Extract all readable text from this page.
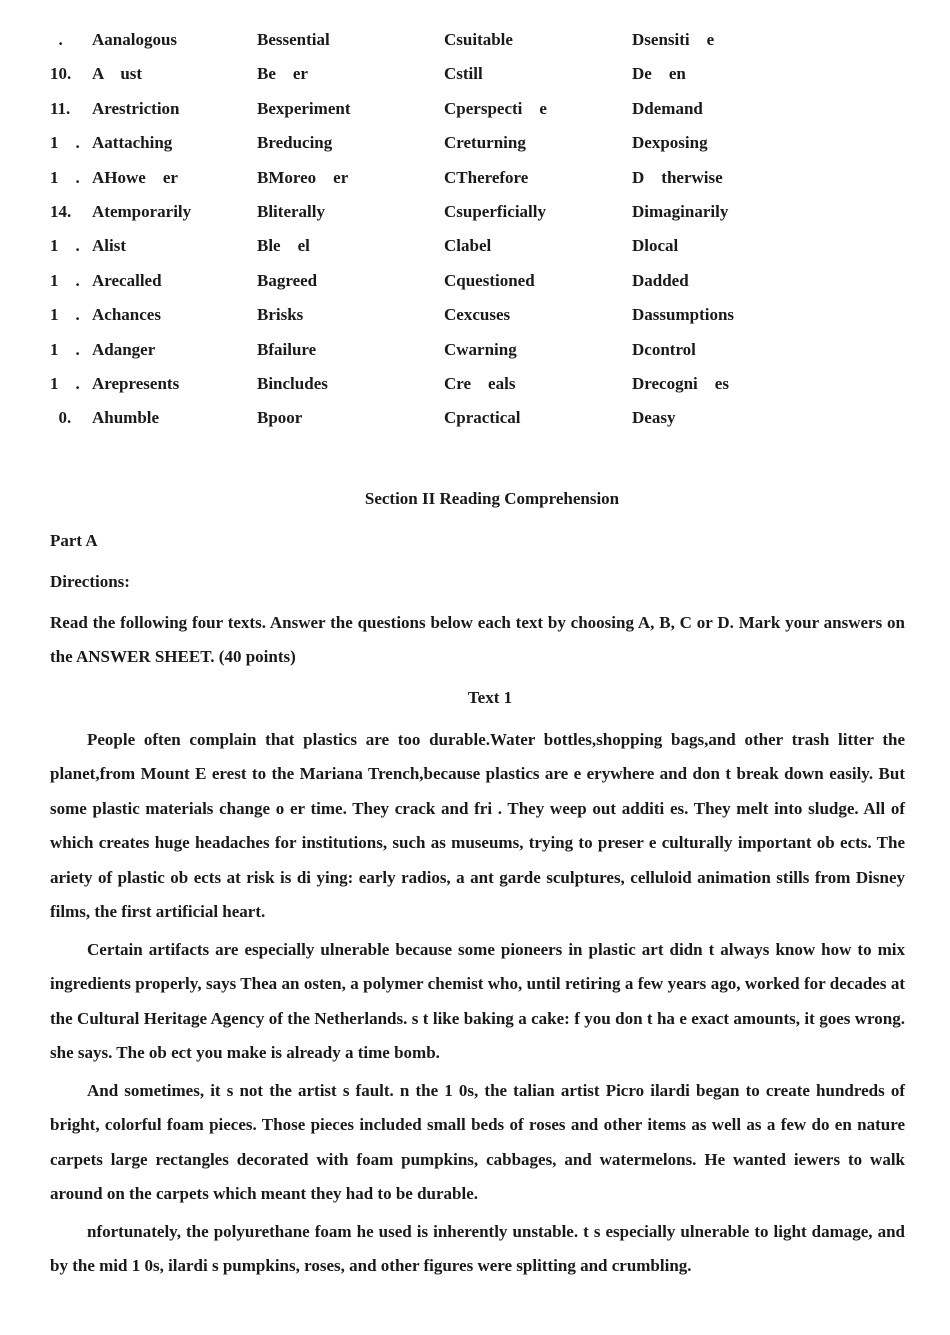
.	Aanalogous	Bessential	Csuitable	Dsensiti    e
10.	A    ust	Be    er	Cstill	De    en
11.	Arestriction	Bexperiment	Cperspecti    e	Ddemand
1    . Aattaching	Breducing	Creturning	Dexposing
1    . AHowe    er	BMoreo    er	CTherefore	D    therwise
14.	Atemporarily	Bliterally	Csuperficially	Dimaginarily
1    . Alist	Ble    el	Clabel	Dlocal
1    . Arecalled	Bagreed	Cquestioned	Dadded
1    . Achances	Brisks	Cexcuses	Dassumptions
1    . Adanger	Bfailure	Cwarning	Dcontrol
1    . Arepresents	Bincludes	Cre    eals	Drecogni    es
0.	Ahumble	Bpoor	Cpractical	Deasy
Section II Reading Comprehension
Part A
Directions:

Read the following four texts. Answer the questions below each text by choosing A, B, C or D. Mark your answers on the ANSWER SHEET. (40 points)

Text 1

People often complain that plastics are too durable.Water bottles,shopping bags,and other trash litter the planet,from Mount E erest to the Mariana Trench,because plastics are e erywhere and don t break down easily. But some plastic materials change o er time. They crack and fri . They weep out additi es. They melt into sludge. All of which creates huge headaches for institutions, such as museums, trying to preser e culturally important ob ects. The ariety of plastic ob ects at risk is di ying: early radios, a ant garde sculptures, celluloid animation stills from Disney films, the first artificial heart.

Certain artifacts are especially ulnerable because some pioneers in plastic art didn t always know how to mix ingredients properly, says Thea an osten, a polymer chemist who, until retiring a few years ago, worked for decades at the Cultural Heritage Agency of the Netherlands. s t like baking a cake: f you don t ha e exact amounts, it goes wrong. she says. The ob ect you make is already a time bomb.

And sometimes, it s not the artist s fault. n the 1 0s, the talian artist Picro ilardi began to create hundreds of bright, colorful foam pieces. Those pieces included small beds of roses and other items as well as a few do en nature carpets large rectangles decorated with foam pumpkins, cabbages, and watermelons. He wanted iewers to walk around on the carpets which meant they had to be durable.

nfortunately, the polyurethane foam he used is inherently unstable. t s especially ulnerable to light damage, and by the mid 1 0s, ilardi s pumpkins, roses, and other figures were splitting and crumbling.
